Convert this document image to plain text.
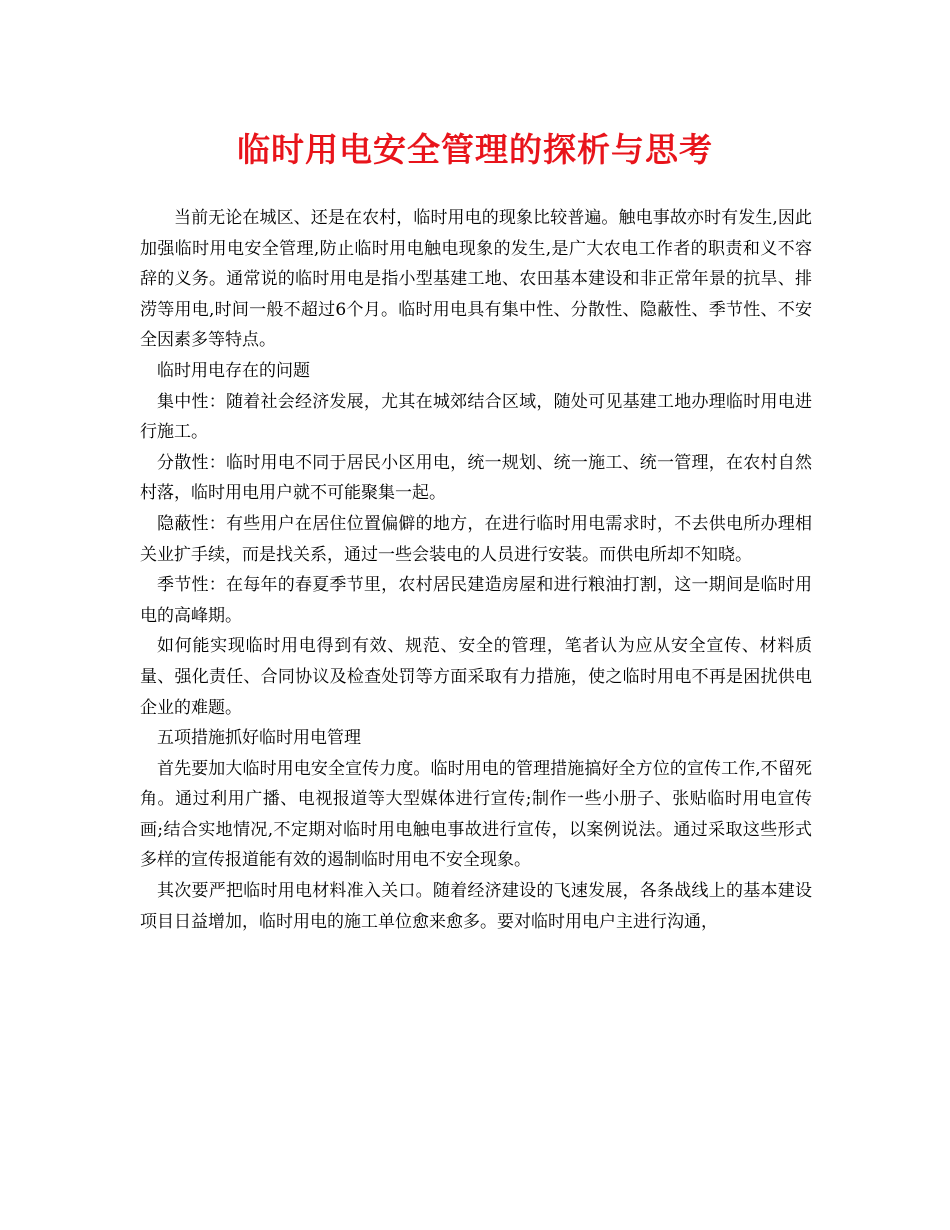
临时用电安全管理的探析与思考

当前无论在城区、还是在农村，临时用电的现象比较普遍。触电事故亦时有发生,因此加强临时用电安全管理,防止临时用电触电现象的发生,是广大农电工作者的职责和义不容辞的义务。通常说的临时用电是指小型基建工地、农田基本建设和非正常年景的抗旱、排涝等用电,时间一般不超过6个月。临时用电具有集中性、分散性、隐蔽性、季节性、不安全因素多等特点。

临时用电存在的问题

集中性：随着社会经济发展，尤其在城郊结合区域，随处可见基建工地办理临时用电进行施工。

分散性：临时用电不同于居民小区用电，统一规划、统一施工、统一管理，在农村自然村落，临时用电用户就不可能聚集一起。

隐蔽性：有些用户在居住位置偏僻的地方，在进行临时用电需求时，不去供电所办理相关业扩手续，而是找关系，通过一些会装电的人员进行安装。而供电所却不知晓。

季节性：在每年的春夏季节里，农村居民建造房屋和进行粮油打割，这一期间是临时用电的高峰期。

如何能实现临时用电得到有效、规范、安全的管理，笔者认为应从安全宣传、材料质量、强化责任、合同协议及检查处罚等方面采取有力措施，使之临时用电不再是困扰供电企业的难题。

五项措施抓好临时用电管理

首先要加大临时用电安全宣传力度。临时用电的管理措施搞好全方位的宣传工作,不留死角。通过利用广播、电视报道等大型媒体进行宣传;制作一些小册子、张贴临时用电宣传画;结合实地情况,不定期对临时用电触电事故进行宣传，以案例说法。通过采取这些形式多样的宣传报道能有效的遏制临时用电不安全现象。

其次要严把临时用电材料准入关口。随着经济建设的飞速发展，各条战线上的基本建设项目日益增加，临时用电的施工单位愈来愈多。要对临时用电户主进行沟通，
